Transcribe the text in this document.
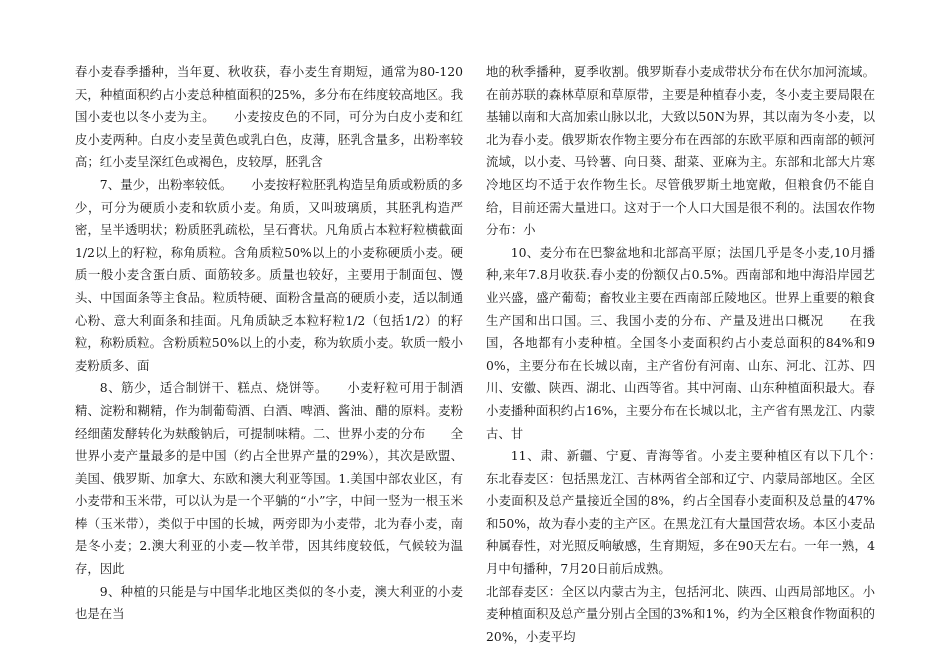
春小麦春季播种，当年夏、秋收获，春小麦生育期短，通常为80-120天，种植面积约占小麦总种植面积的25%，多分布在纬度较高地区。我国小麦也以冬小麦为主。　　小麦按皮色的不同，可分为白皮小麦和红皮小麦两种。白皮小麦呈黄色或乳白色，皮薄，胚乳含量多，出粉率较高；红小麦呈深红色或褐色，皮较厚，胚乳含

7、量少，出粉率较低。　　小麦按籽粒胚乳构造呈角质或粉质的多少，可分为硬质小麦和软质小麦。角质，又叫玻璃质，其胚乳构造严密，呈半透明状；粉质胚乳疏松，呈石膏状。凡角质占本粒籽粒横截面1/2以上的籽粒，称角质粒。含角质粒50%以上的小麦称硬质小麦。硬质一般小麦含蛋白质、面筋较多。质量也较好，主要用于制面包、馒头、中国面条等主食品。粒质特硬、面粉含量高的硬质小麦，适以制通心粉、意大利面条和挂面。凡角质缺乏本粒籽粒1/2（包括1/2）的籽粒，称粉质粒。含粉质粒50%以上的小麦，称为软质小麦。软质一般小麦粉质多、面

8、筋少，适合制饼干、糕点、烧饼等。　　小麦籽粒可用于制酒精、淀粉和糊精，作为制葡萄酒、白酒、啤酒、酱油、醋的原料。麦粉经细菌发酵转化为麸酸钠后，可提制味精。二、世界小麦的分布　　全世界小麦产量最多的是中国（约占全世界产量的29%），其次是欧盟、美国、俄罗斯、加拿大、东欧和澳大利亚等国。1.美国中部农业区，有小麦带和玉米带，可以认为是一个平躺的“小”字，中间一竖为一根玉米棒（玉米带），类似于中国的长城，两旁即为小麦带，北为春小麦，南是冬小麦；2.澳大利亚的小麦—牧羊带，因其纬度较低，气候较为温存，因此

9、种植的只能是与中国华北地区类似的冬小麦，澳大利亚的小麦也是在当

地的秋季播种，夏季收割。俄罗斯春小麦成带状分布在伏尔加河流域。在前苏联的森林草原和草原带，主要是种植春小麦，冬小麦主要局限在基辅以南和大高加索山脉以北，大致以50N为界，其以南为冬小麦，以北为春小麦。俄罗斯农作物主要分布在西部的东欧平原和西南部的顿河流域，以小麦、马铃薯、向日葵、甜菜、亚麻为主。东部和北部大片寒冷地区均不适于农作物生长。尽管俄罗斯土地宽敞，但粮食仍不能自给，目前还需大量进口。这对于一个人口大国是很不利的。法国农作物分布：小

10、麦分布在巴黎盆地和北部高平原；法国几乎是冬小麦,10月播种,来年7.8月收获.春小麦的份额仅占0.5%。西南部和地中海沿岸园艺业兴盛，盛产葡萄；畜牧业主要在西南部丘陵地区。世界上重要的粮食生产国和出口国。三、我国小麦的分布、产量及进出口概况　　在我国，各地都有小麦种植。全国冬小麦面积约占小麦总面积的84%和90%，主要分布在长城以南，主产省份有河南、山东、河北、江苏、四川、安徽、陕西、湖北、山西等省。其中河南、山东种植面积最大。春小麦播种面积约占16%，主要分布在长城以北，主产省有黑龙江、内蒙古、甘

11、肃、新疆、宁夏、青海等省。小麦主要种植区有以下几个：　　东北春麦区：包括黑龙江、吉林两省全部和辽宁、内蒙局部地区。全区小麦面积及总产量接近全国的8%，约占全国春小麦面积及总量的47%和50%，故为春小麦的主产区。在黑龙江有大量国营农场。本区小麦品种属春性，对光照反响敏感，生育期短，多在90天左右。一年一熟，4月中旬播种，7月20日前后成熟。

北部春麦区：全区以内蒙古为主，包括河北、陕西、山西局部地区。小麦种植面积及总产量分别占全国的3%和1%，约为全区粮食作物面积的20%，小麦平均
